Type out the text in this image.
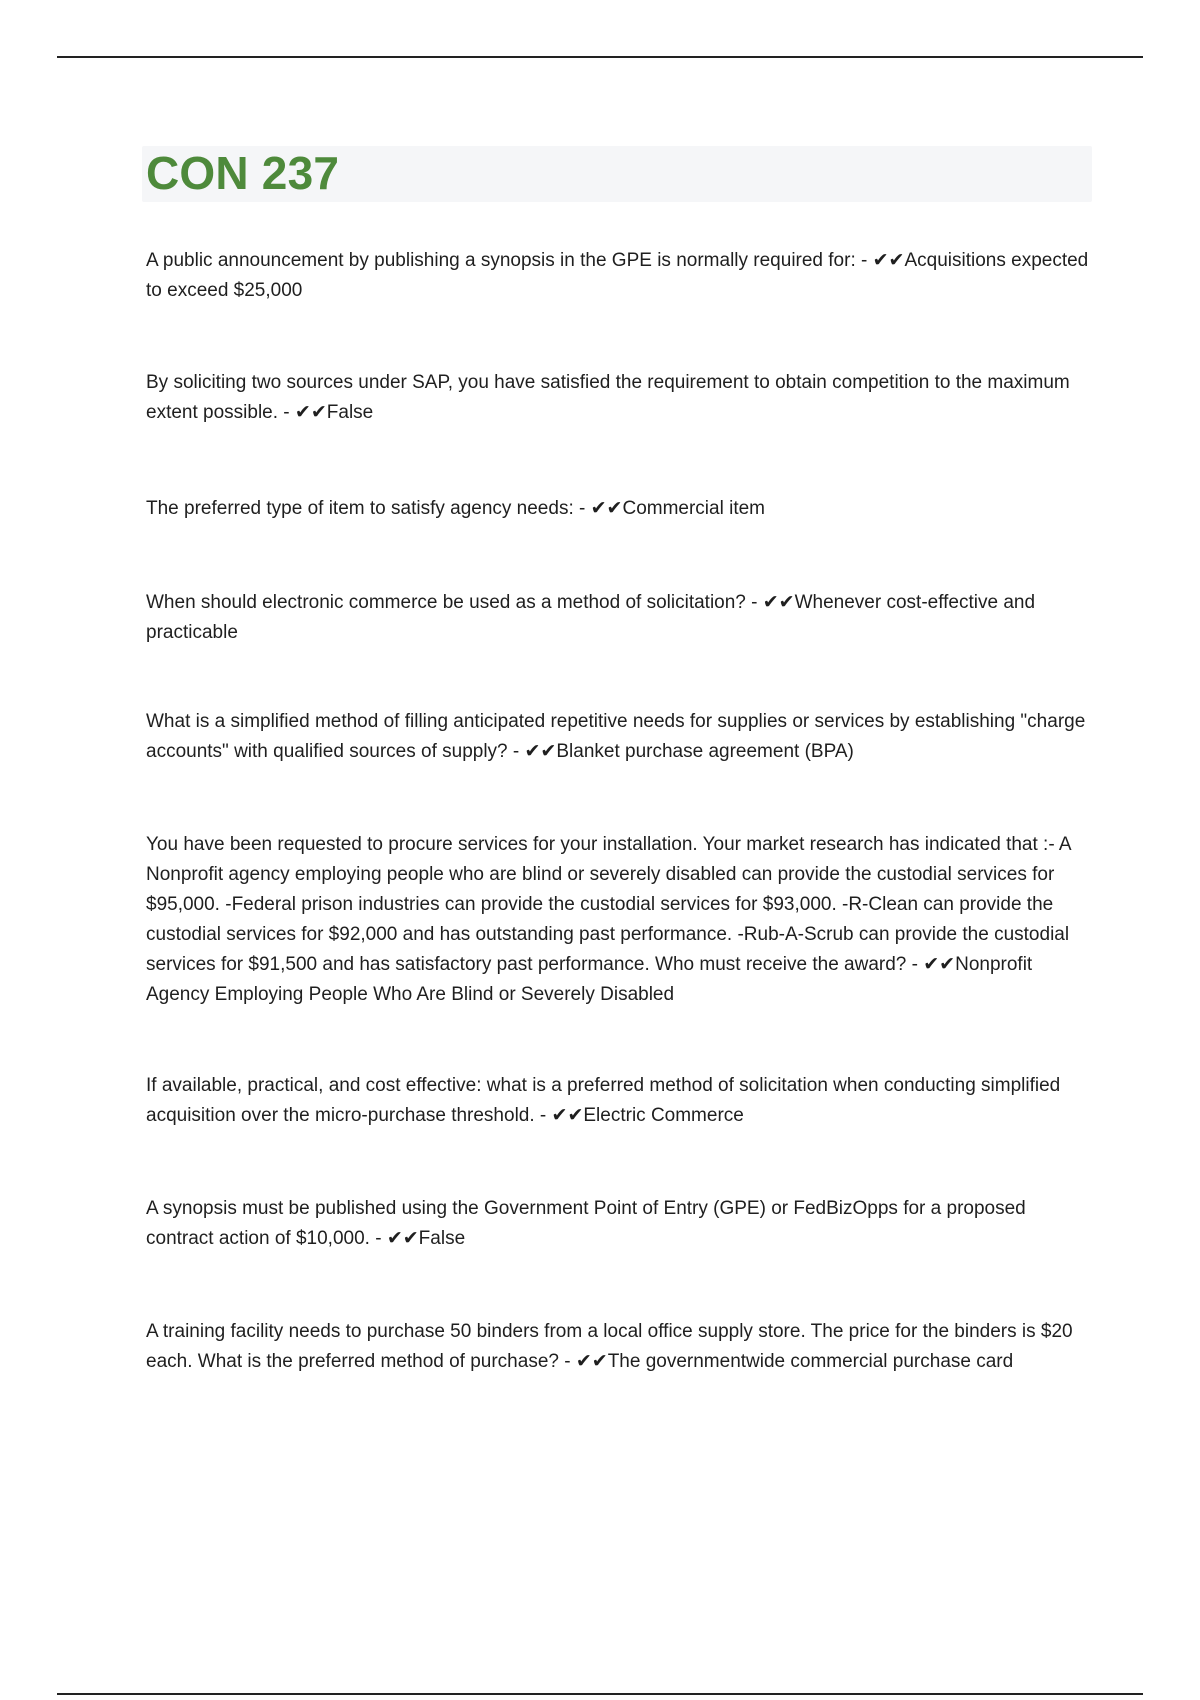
CON 237

A public announcement by publishing a synopsis in the GPE is normally required for: - ✔✔Acquisitions expected to exceed $25,000

By soliciting two sources under SAP, you have satisfied the requirement to obtain competition to the maximum extent possible. - ✔✔False

The preferred type of item to satisfy agency needs: - ✔✔Commercial item

When should electronic commerce be used as a method of solicitation? - ✔✔Whenever cost-effective and practicable

What is a simplified method of filling anticipated repetitive needs for supplies or services by establishing "charge accounts" with qualified sources of supply? - ✔✔Blanket purchase agreement (BPA)

You have been requested to procure services for your installation. Your market research has indicated that :- A Nonprofit agency employing people who are blind or severely disabled can provide the custodial services for $95,000. -Federal prison industries can provide the custodial services for $93,000. -R-Clean can provide the custodial services for $92,000 and has outstanding past performance. -Rub-A-Scrub can provide the custodial services for $91,500 and has satisfactory past performance. Who must receive the award? - ✔✔Nonprofit Agency Employing People Who Are Blind or Severely Disabled

If available, practical, and cost effective: what is a preferred method of solicitation when conducting simplified acquisition over the micro-purchase threshold. - ✔✔Electric Commerce

A synopsis must be published using the Government Point of Entry (GPE) or FedBizOpps for a proposed contract action of $10,000. - ✔✔False

A training facility needs to purchase 50 binders from a local office supply store. The price for the binders is $20 each. What is the preferred method of purchase? - ✔✔The governmentwide commercial purchase card
